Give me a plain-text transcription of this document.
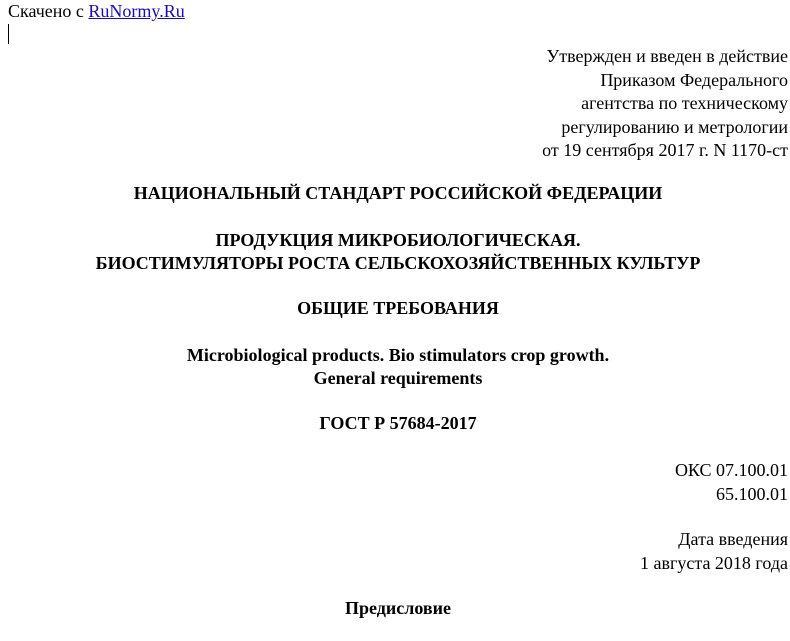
Скачено с RuNormy.Ru
Утвержден и введен в действие
Приказом Федерального
агентства по техническому
регулированию и метрологии
от 19 сентября 2017 г. N 1170-ст
НАЦИОНАЛЬНЫЙ СТАНДАРТ РОССИЙСКОЙ ФЕДЕРАЦИИ
ПРОДУКЦИЯ МИКРОБИОЛОГИЧЕСКАЯ.
БИОСТИМУЛЯТОРЫ РОСТА СЕЛЬСКОХОЗЯЙСТВЕННЫХ КУЛЬТУР
ОБЩИЕ ТРЕБОВАНИЯ
Microbiological products. Bio stimulators crop growth.
General requirements
ГОСТ Р 57684-2017
ОКС 07.100.01
65.100.01
Дата введения
1 августа 2018 года
Предисловие
